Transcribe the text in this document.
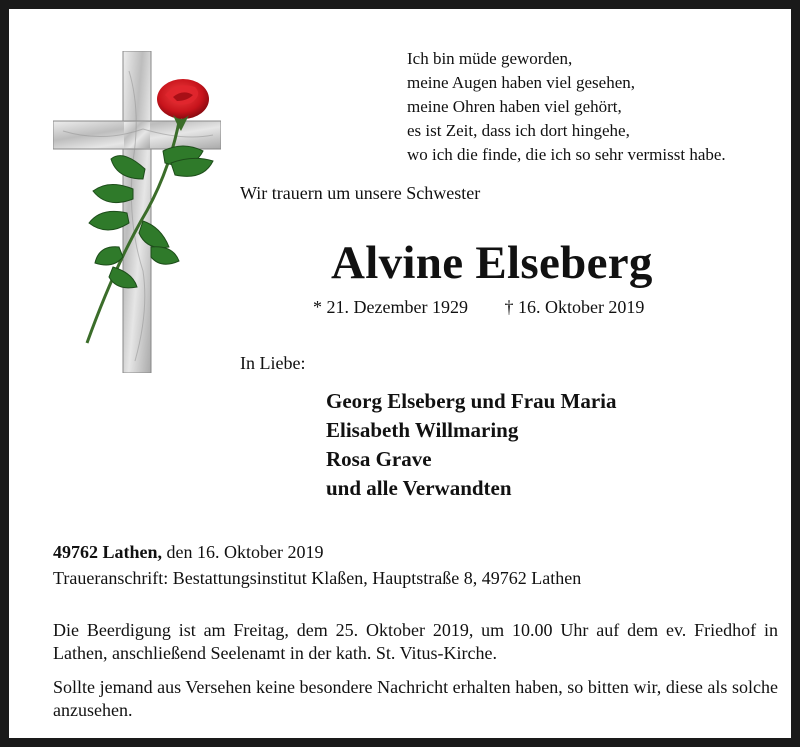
Ich bin müde geworden,
meine Augen haben viel gesehen,
meine Ohren haben viel gehört,
es ist Zeit, dass ich dort hingehe,
wo ich die finde, die ich so sehr vermisst habe.
Wir trauern um unsere Schwester
Alvine Elseberg
* 21. Dezember 1929 † 16. Oktober 2019
In Liebe:
Georg Elseberg und Frau Maria
Elisabeth Willmaring
Rosa Grave
und alle Verwandten
49762 Lathen, den 16. Oktober 2019
Traueranschrift: Bestattungsinstitut Klaßen, Hauptstraße 8, 49762 Lathen
Die Beerdigung ist am Freitag, dem 25. Oktober 2019, um 10.00 Uhr auf dem ev. Friedhof in Lathen, anschließend Seelenamt in der kath. St. Vitus-Kirche.
Sollte jemand aus Versehen keine besondere Nachricht erhalten haben, so bitten wir, diese als solche anzusehen.
